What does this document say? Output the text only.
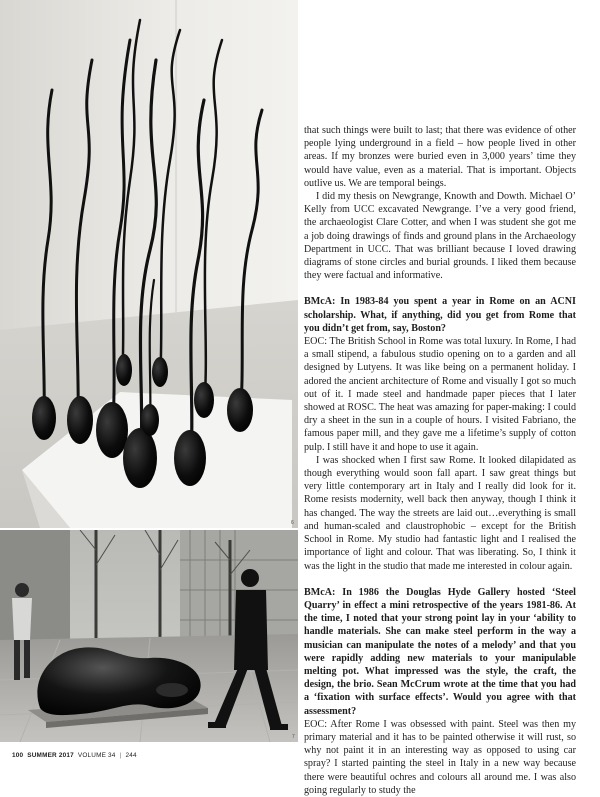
6
7

that such things were built to last; that there was evidence of other people lying underground in a field – how people lived in other areas. If my bronzes were buried even in 3,000 years’ time they would have value, even as a material. That is important. Objects outlive us. We are temporal beings.

I did my thesis on Newgrange, Knowth and Dowth. Michael O’ Kelly from UCC excavated Newgrange. I’ve a very good friend, the archaeologist Clare Cotter, and when I was student she got me a job doing drawings of finds and ground plans in the Archaeology Department in UCC. That was brilliant because I loved drawing diagrams of stone circles and burial grounds. I liked them because they were factual and informative.

BMcA: In 1983-84 you spent a year in Rome on an ACNI scholarship. What, if anything, did you get from Rome that you didn’t get from, say, Boston?

EOC: The British School in Rome was total luxury. In Rome, I had a small stipend, a fabulous studio opening on to a garden and all designed by Lutyens. It was like being on a permanent holiday. I adored the ancient architecture of Rome and visually I got so much out of it. I made steel and handmade paper pieces that I later showed at ROSC. The heat was amazing for paper-making: I could dry a sheet in the sun in a couple of hours. I visited Fabriano, the famous paper mill, and they gave me a lifetime’s supply of cotton pulp. I still have it and hope to use it again.

I was shocked when I first saw Rome. It looked dilapidated as though everything would soon fall apart. I saw great things but very little contemporary art in Italy and I really did look for it. Rome resists modernity, well back then anyway, though I think it has changed. The way the streets are laid out…everything is small and human-scaled and claustrophobic – except for the British School in Rome. My studio had fantastic light and I realised the importance of light and colour. That was liberating. So, I think it was the light in the studio that made me interested in colour again.

BMcA: In 1986 the Douglas Hyde Gallery hosted ‘Steel Quarry’ in effect a mini retrospective of the years 1981-86. At the time, I noted that your strong point lay in your ‘ability to handle materials. She can make steel perform in the way a musician can manipulate the notes of a melody’ and that you were rapidly adding new materials to your manipulable melting pot. What impressed was the style, the craft, the design, the brio. Sean McCrum wrote at the time that you had a ‘fixation with surface effects’. Would you agree with that assessment?

EOC: After Rome I was obsessed with paint. Steel was then my primary material and it has to be painted otherwise it will rust, so why not paint it in an interesting way as opposed to using car spray? I started painting the steel in Italy in a new way because there were beautiful ochres and colours all around me. I was also going regularly to study the

100 SUMMER 2017 VOLUME 34 | 244
